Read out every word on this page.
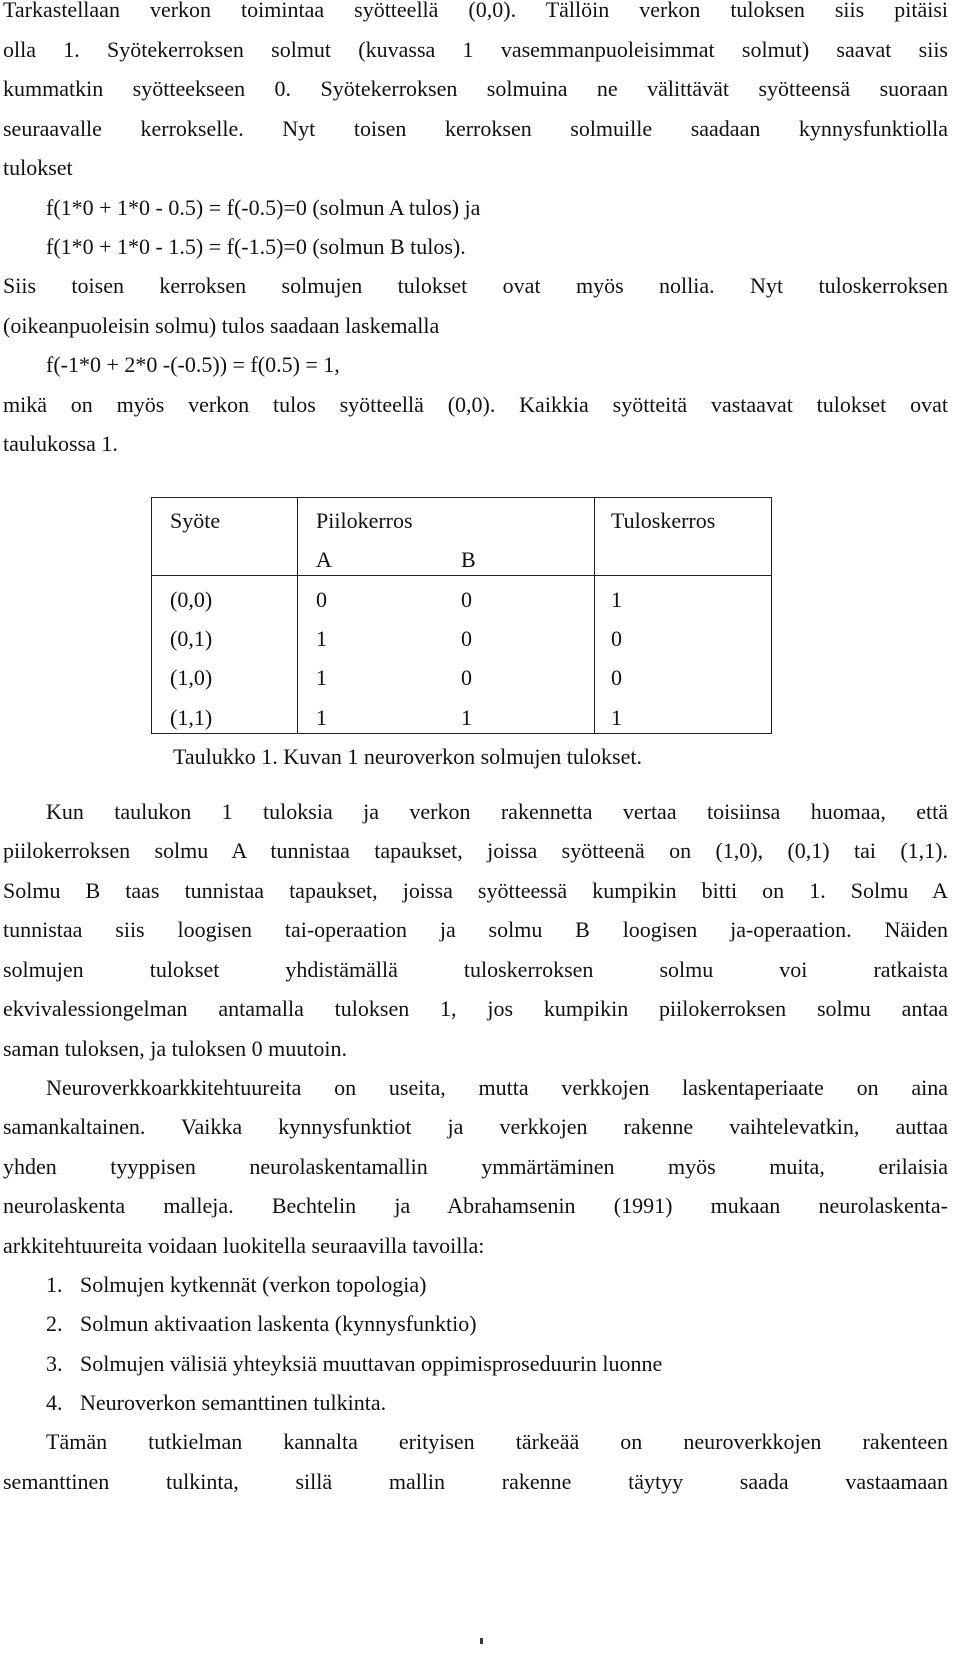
Tarkastellaan verkon toimintaa syötteellä (0,0). Tällöin verkon tuloksen siis pitäisi
olla 1. Syötekerroksen solmut (kuvassa 1 vasemmanpuoleisimmat solmut) saavat siis
kummatkin syötteekseen 0. Syötekerroksen solmuina ne välittävät syötteensä suoraan
seuraavalle kerrokselle. Nyt toisen kerroksen solmuille saadaan kynnysfunktiolla
tulokset
f(1*0 + 1*0 - 0.5) = f(-0.5)=0 (solmun A tulos) ja
f(1*0 + 1*0 - 1.5) = f(-1.5)=0 (solmun B tulos).
Siis toisen kerroksen solmujen tulokset ovat myös nollia. Nyt tuloskerroksen
(oikeanpuoleisin solmu) tulos saadaan laskemalla
f(-1*0 + 2*0 -(-0.5)) = f(0.5) = 1,
mikä on myös verkon tulos syötteellä (0,0). Kaikkia syötteitä vastaavat tulokset ovat
taulukossa 1.
Syöte	Piilokerros	Tuloskerros
A	B
(0,0)	0	0	1
(0,1)	1	0	0
(1,0)	1	0	0
(1,1)	1	1	1
Taulukko 1. Kuvan 1 neuroverkon solmujen tulokset.
Kun taulukon 1 tuloksia ja verkon rakennetta vertaa toisiinsa huomaa, että
piilokerroksen solmu A tunnistaa tapaukset, joissa syötteenä on (1,0), (0,1) tai (1,1).
Solmu B taas tunnistaa tapaukset, joissa syötteessä kumpikin bitti on 1. Solmu A
tunnistaa siis loogisen tai-operaation ja solmu B loogisen ja-operaation. Näiden
solmujen tulokset yhdistämällä tuloskerroksen solmu voi ratkaista
ekvivalessiongelman antamalla tuloksen 1, jos kumpikin piilokerroksen solmu antaa
saman tuloksen, ja tuloksen 0 muutoin.
Neuroverkkoarkkitehtuureita on useita, mutta verkkojen laskentaperiaate on aina
samankaltainen. Vaikka kynnysfunktiot ja verkkojen rakenne vaihtelevatkin, auttaa
yhden tyyppisen neurolaskentamallin ymmärtäminen myös muita, erilaisia
neurolaskenta malleja. Bechtelin ja Abrahamsenin (1991) mukaan neurolaskenta-
arkkitehtuureita voidaan luokitella seuraavilla tavoilla:
1. Solmujen kytkennät (verkon topologia)
2. Solmun aktivaation laskenta (kynnysfunktio)
3. Solmujen välisiä yhteyksiä muuttavan oppimisproseduurin luonne
4. Neuroverkon semanttinen tulkinta.
Tämän tutkielman kannalta erityisen tärkeää on neuroverkkojen rakenteen
semanttinen tulkinta, sillä mallin rakenne täytyy saada vastaamaan
